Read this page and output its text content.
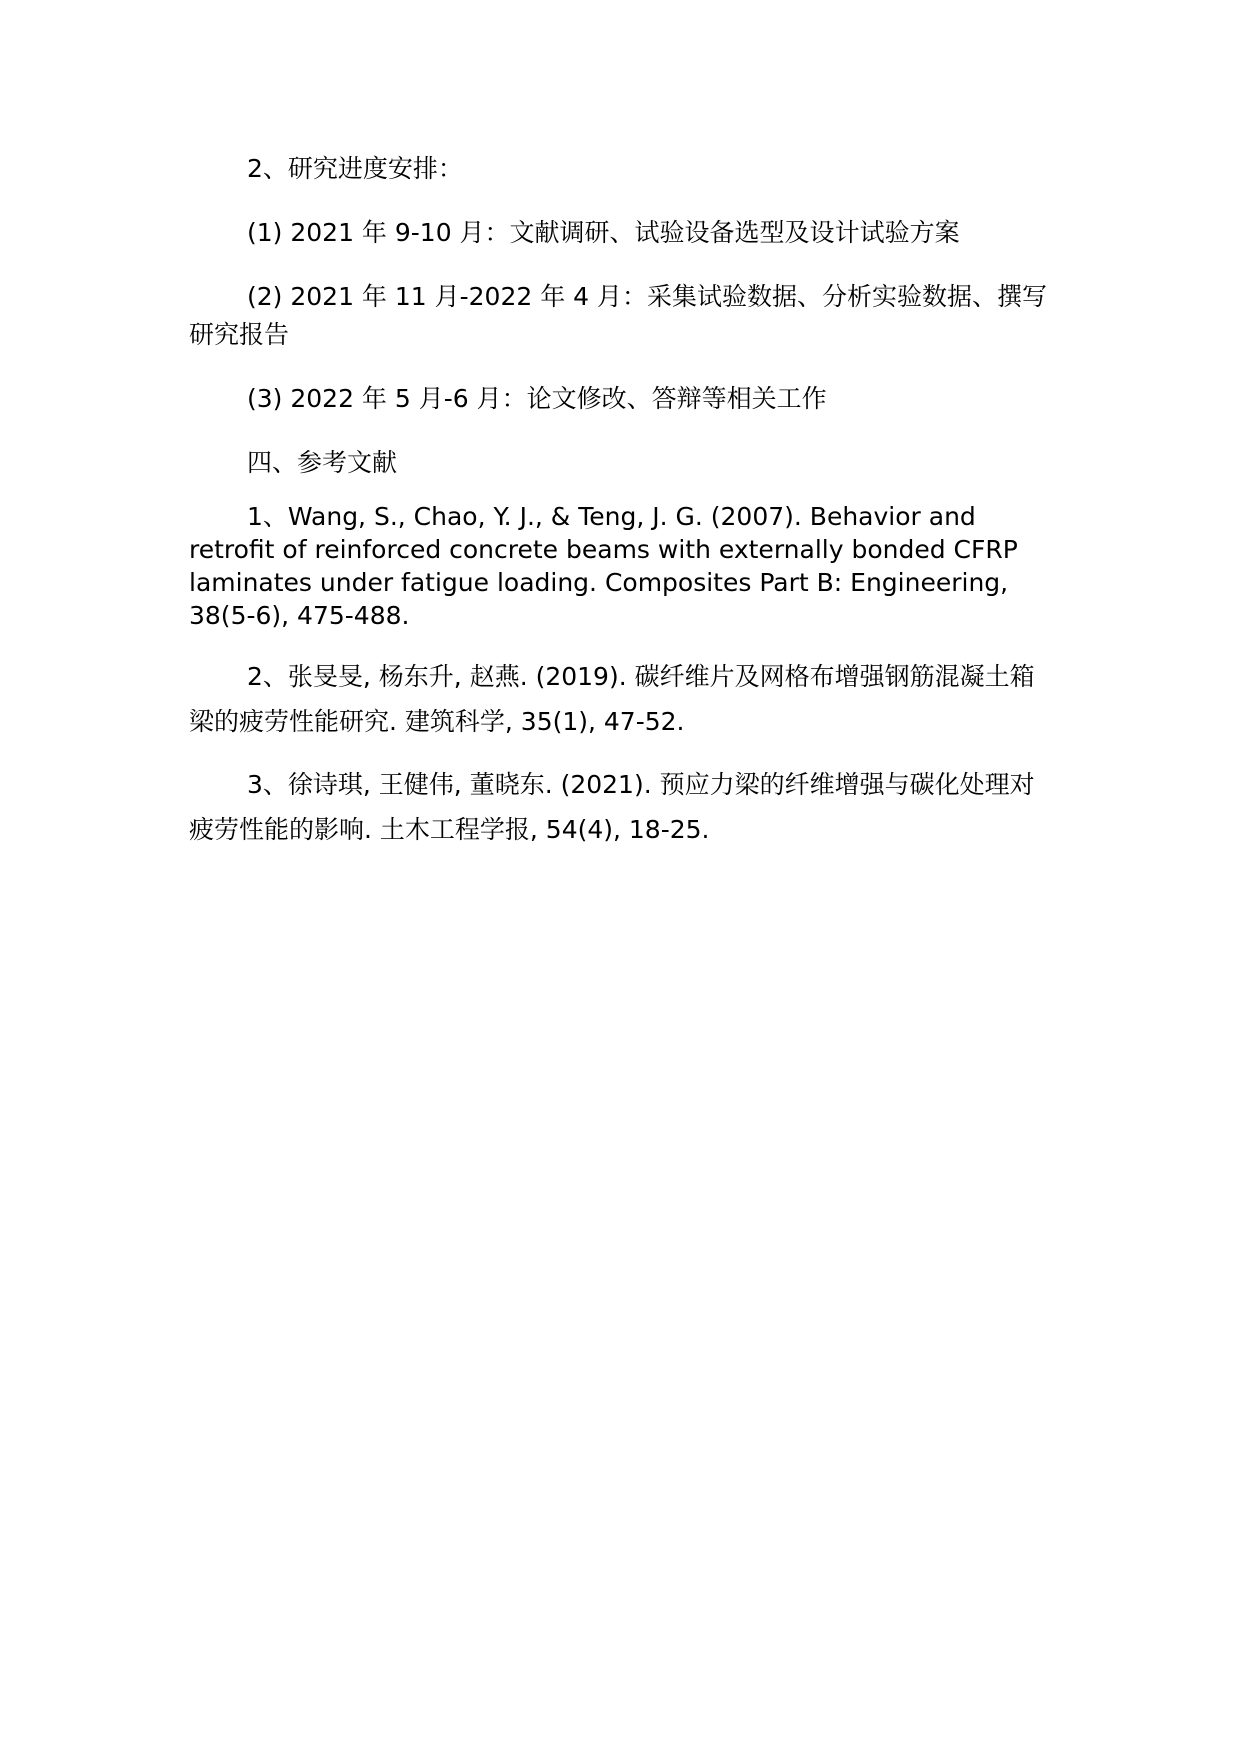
2、研究进度安排：

(1) 2021 年 9-10 月：文献调研、试验设备选型及设计试验方案

(2) 2021 年 11 月-2022 年 4 月：采集试验数据、分析实验数据、撰写研究报告

(3) 2022 年 5 月-6 月：论文修改、答辩等相关工作

四、参考文献

1、Wang, S., Chao, Y. J., & Teng, J. G. (2007). Behavior and retrofit of reinforced concrete beams with externally bonded CFRP laminates under fatigue loading. Composites Part B: Engineering, 38(5-6), 475-488.

2、张旻旻, 杨东升, 赵燕. (2019). 碳纤维片及网格布增强钢筋混凝土箱梁的疲劳性能研究. 建筑科学, 35(1), 47-52.

3、徐诗琪, 王健伟, 董晓东. (2021). 预应力梁的纤维增强与碳化处理对疲劳性能的影响. 土木工程学报, 54(4), 18-25.
